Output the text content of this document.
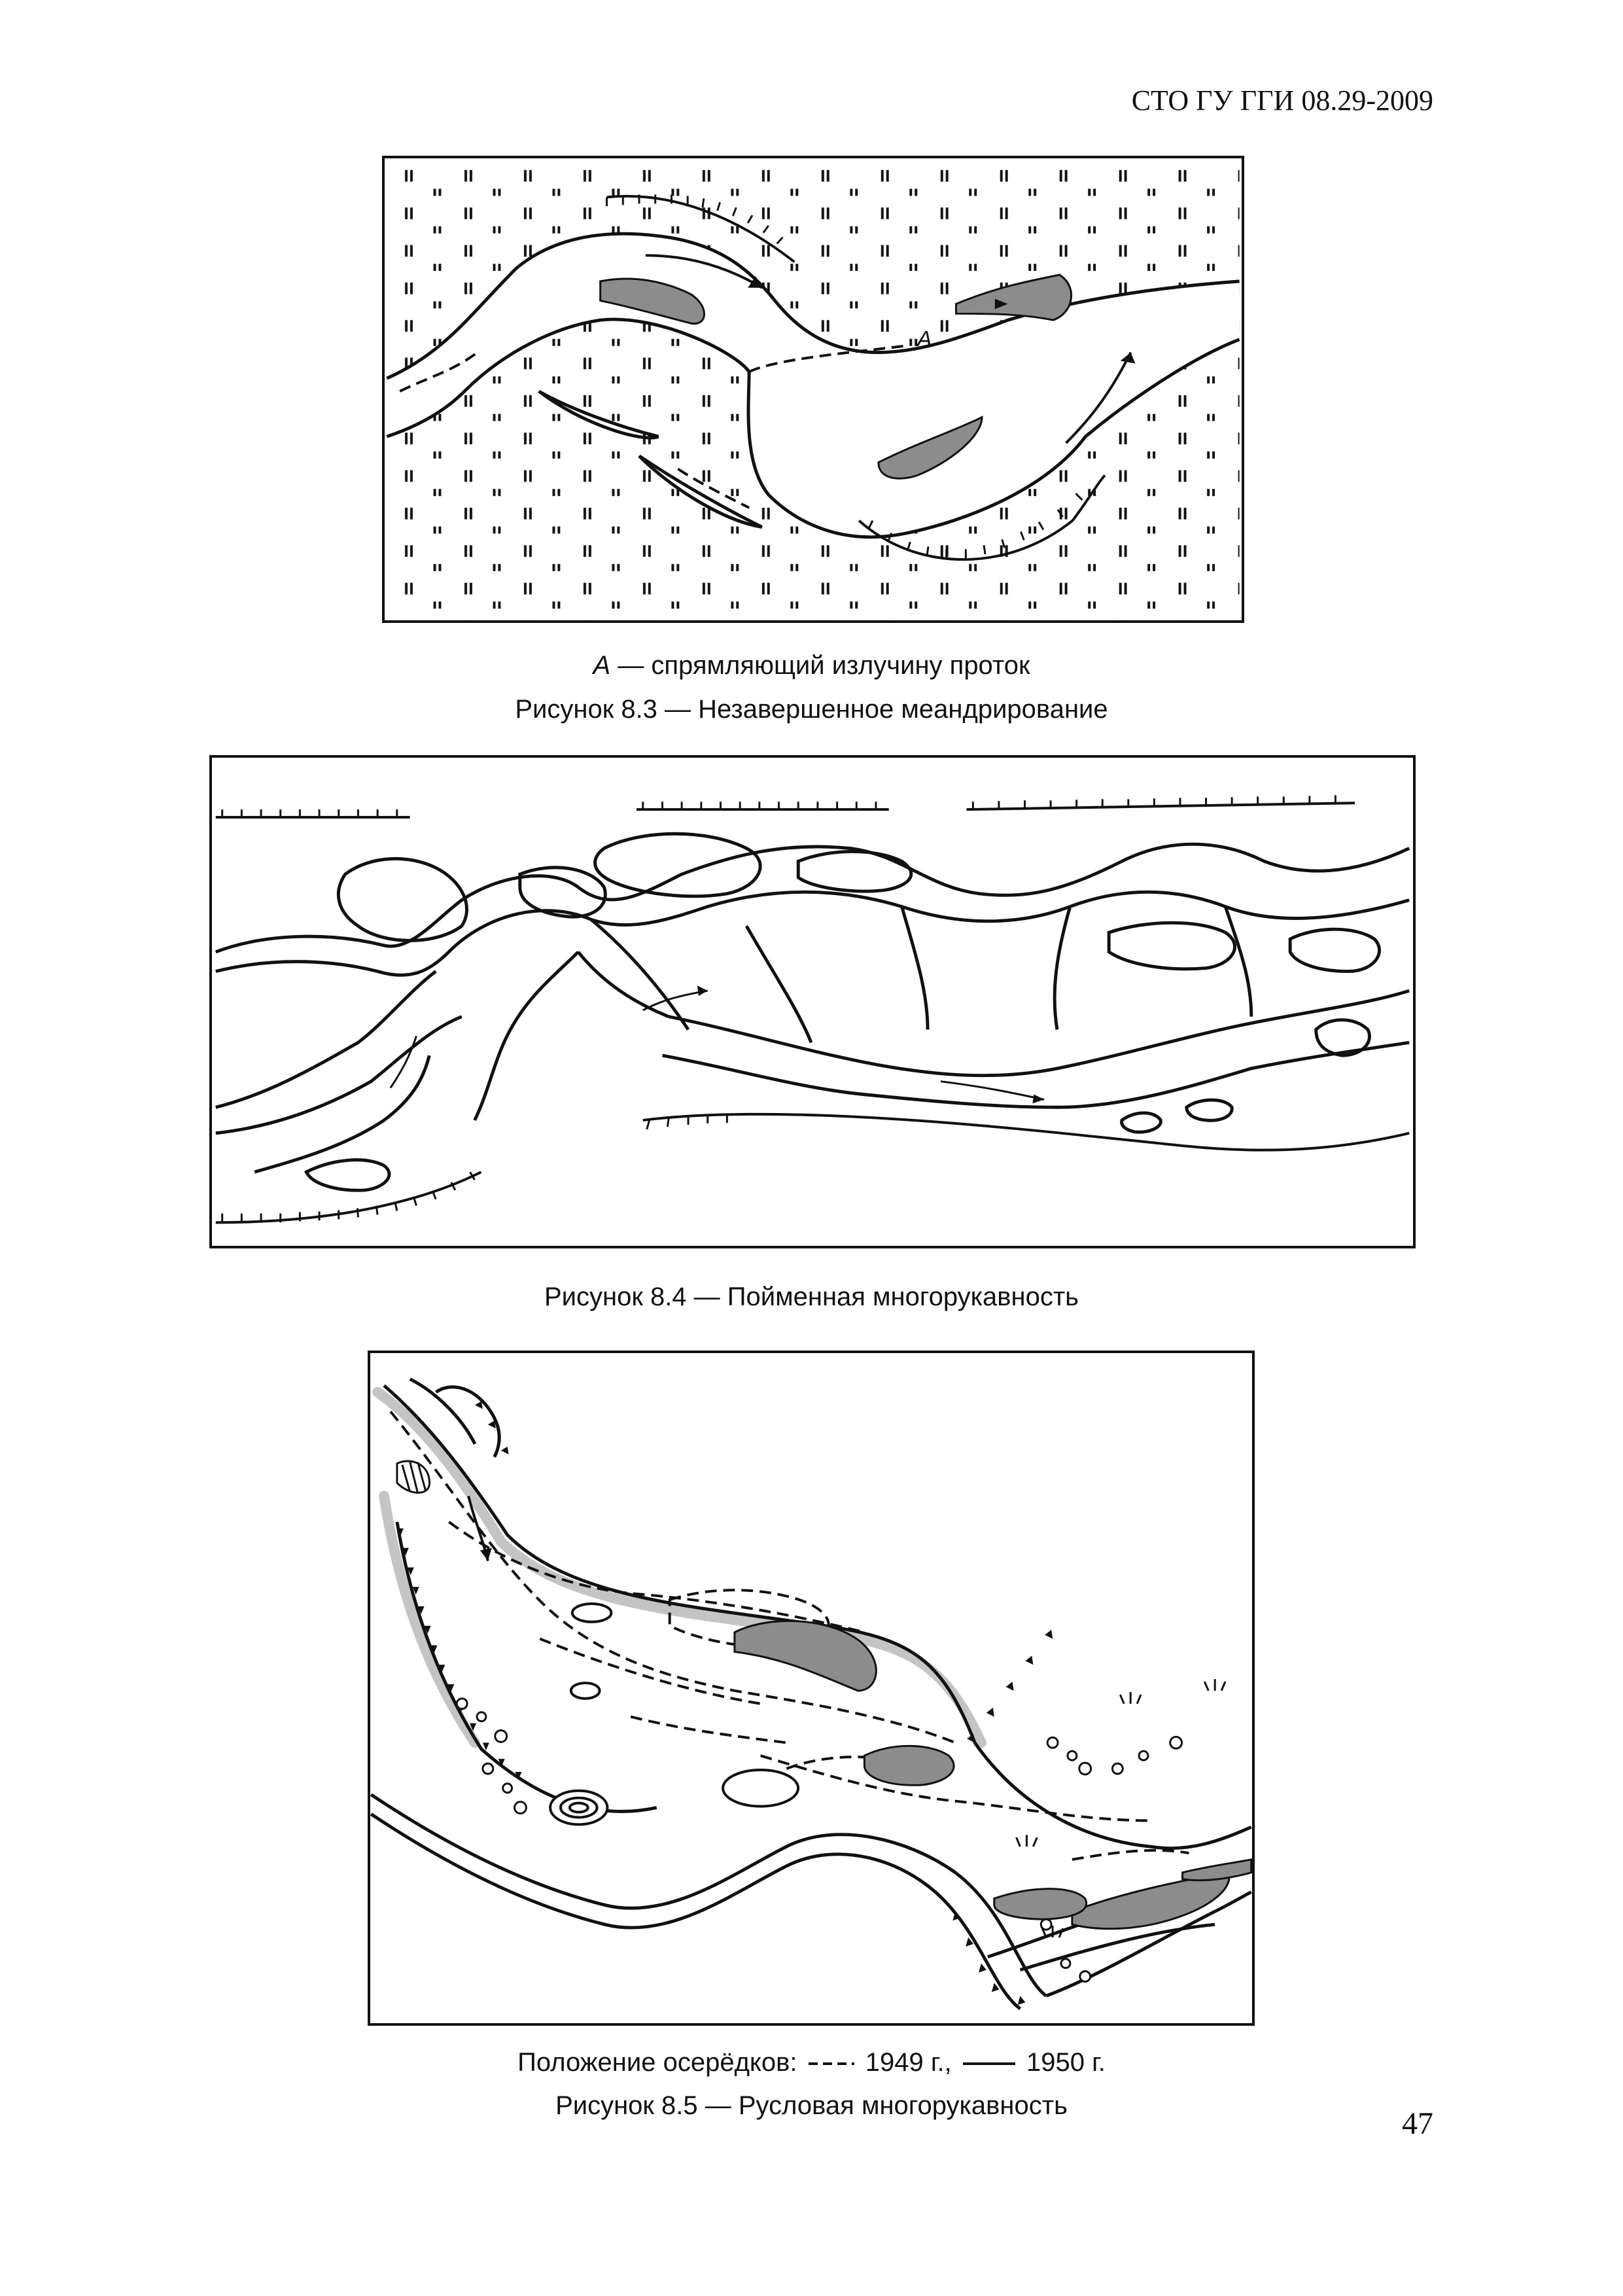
СТО ГУ ГГИ 08.29-2009
А
А — спрямляющий излучину проток
Рисунок 8.3 — Незавершенное меандрирование
Рисунок 8.4 — Пойменная многорукавность
Положение осерёдков:	1949 г.,	1950 г.
Рисунок 8.5 — Русловая многорукавность
47
